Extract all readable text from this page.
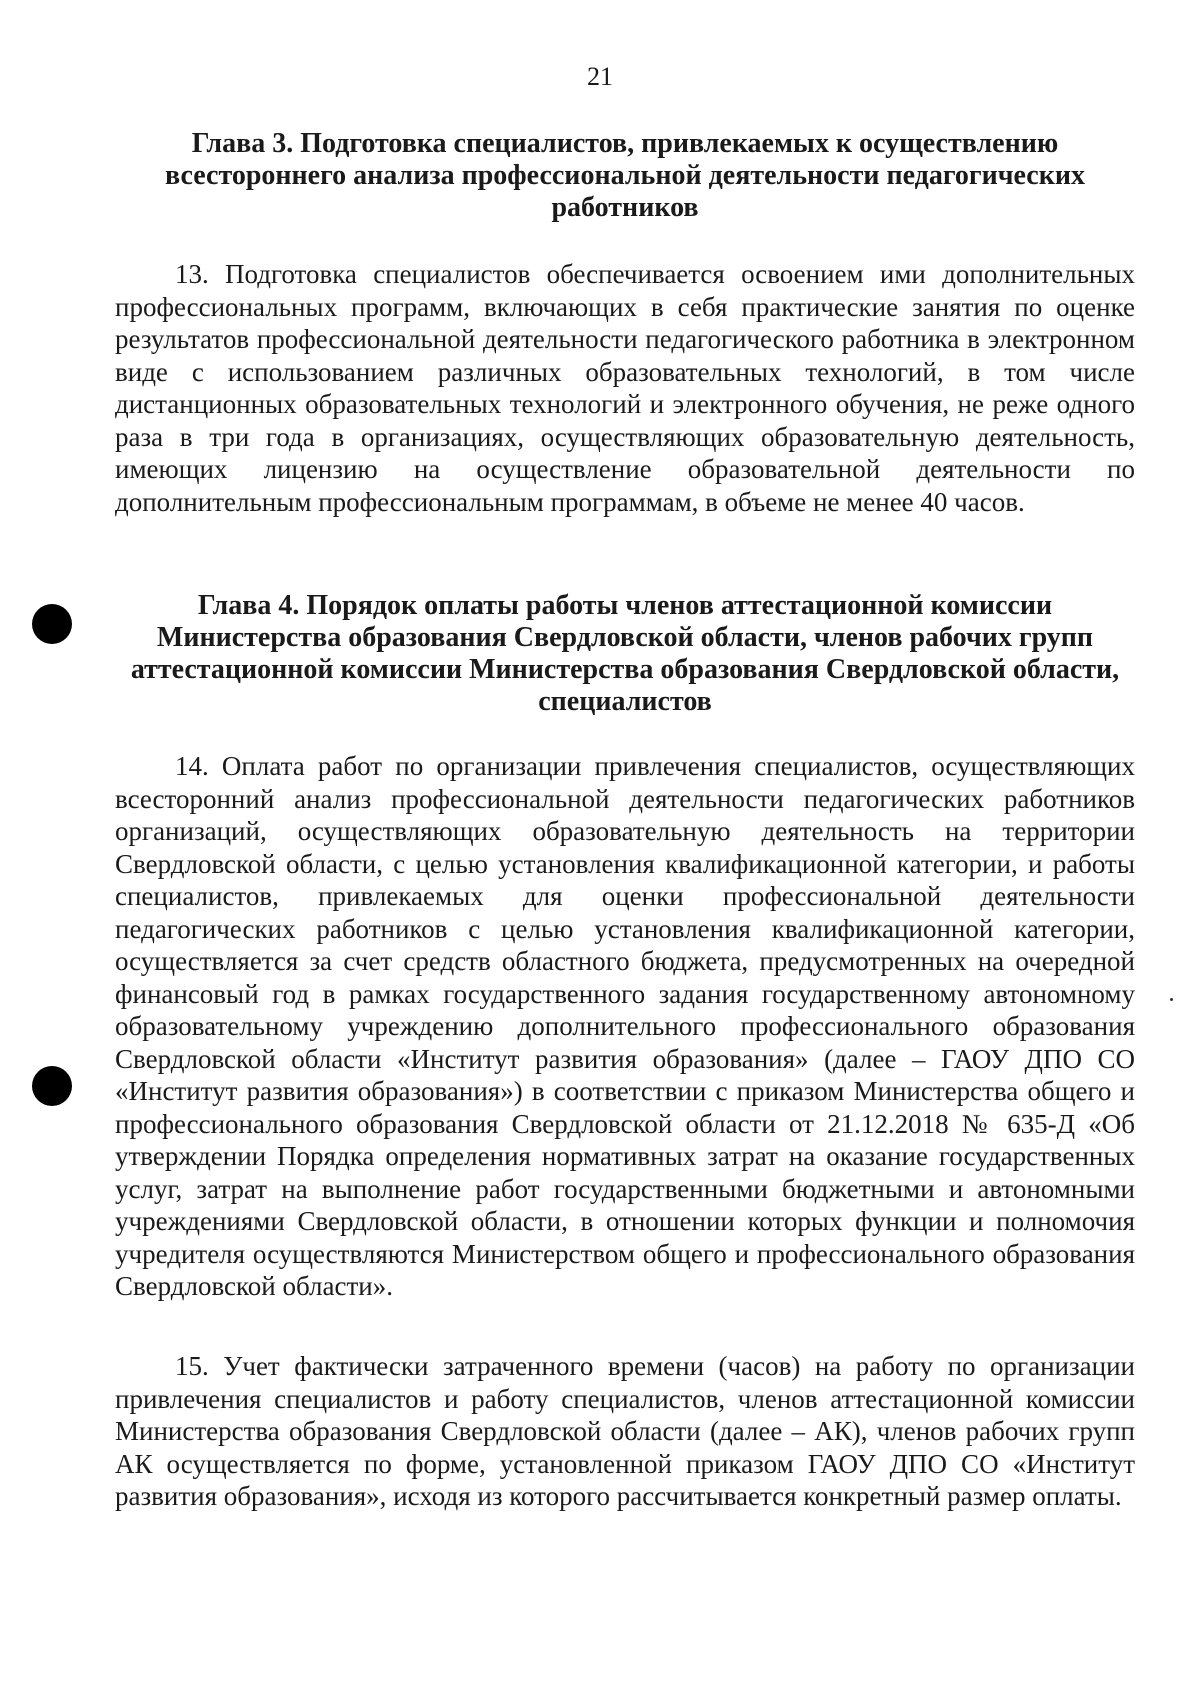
21
Глава 3. Подготовка специалистов, привлекаемых к осуществлению всестороннего анализа профессиональной деятельности педагогических работников

13. Подготовка специалистов обеспечивается освоением ими дополнительных профессиональных программ, включающих в себя практические занятия по оценке результатов профессиональной деятельности педагогического работника в электронном виде с использованием различных образовательных технологий, в том числе дистанционных образовательных технологий и электронного обучения, не реже одного раза в три года в организациях, осуществляющих образовательную деятельность, имеющих лицензию на осуществление образовательной деятельности по дополнительным профессиональным программам, в объеме не менее 40 часов.

Глава 4. Порядок оплаты работы членов аттестационной комиссии Министерства образования Свердловской области, членов рабочих групп аттестационной комиссии Министерства образования Свердловской области, специалистов

14. Оплата работ по организации привлечения специалистов, осуществляющих всесторонний анализ профессиональной деятельности педагогических работников организаций, осуществляющих образовательную деятельность на территории Свердловской области, с целью установления квалификационной категории, и работы специалистов, привлекаемых для оценки профессиональной деятельности педагогических работников с целью установления квалификационной категории, осуществляется за счет средств областного бюджета, предусмотренных на очередной финансовый год в рамках государственного задания государственному автономному образовательному учреждению дополнительного профессионального образования Свердловской области «Институт развития образования» (далее – ГАОУ ДПО СО «Институт развития образования») в соответствии с приказом Министерства общего и профессионального образования Свердловской области от 21.12.2018 № 635-Д «Об утверждении Порядка определения нормативных затрат на оказание государственных услуг, затрат на выполнение работ государственными бюджетными и автономными учреждениями Свердловской области, в отношении которых функции и полномочия учредителя осуществляются Министерством общего и профессионального образования Свердловской области».

15. Учет фактически затраченного времени (часов) на работу по организации привлечения специалистов и работу специалистов, членов аттестационной комиссии Министерства образования Свердловской области (далее – АК), членов рабочих групп АК осуществляется по форме, установленной приказом ГАОУ ДПО СО «Институт развития образования», исходя из которого рассчитывается конкретный размер оплаты.
